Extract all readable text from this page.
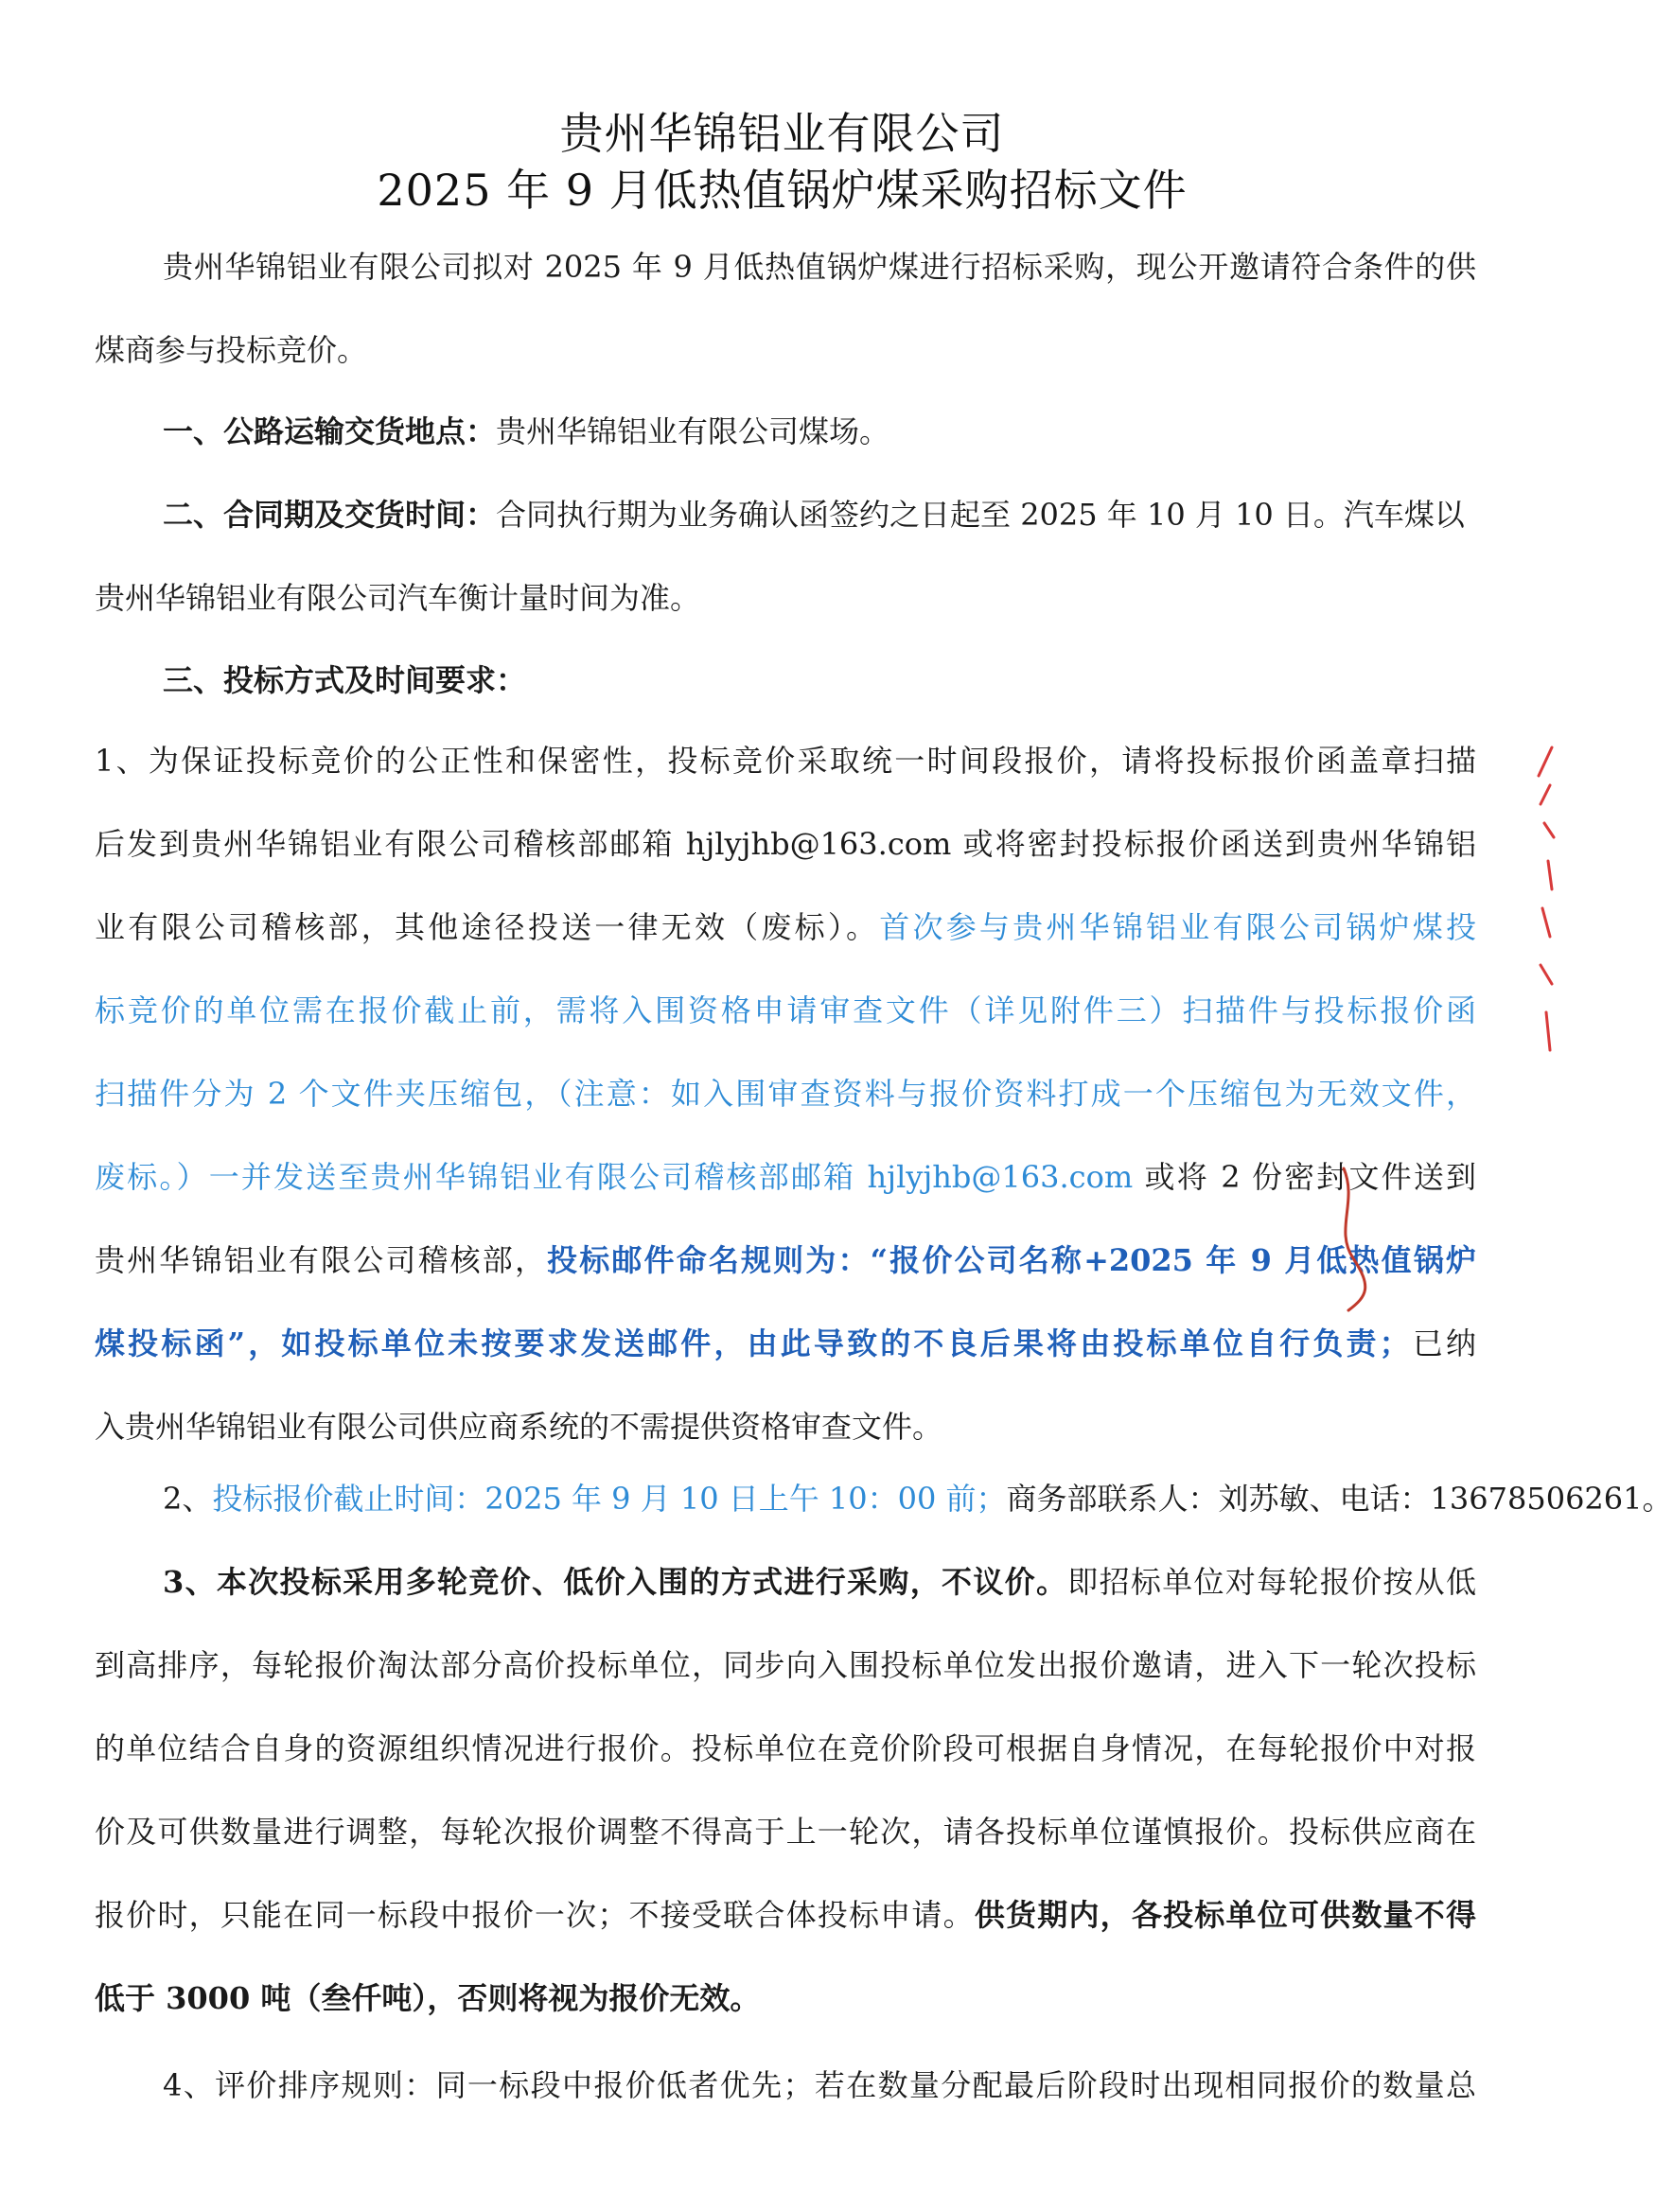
贵州华锦铝业有限公司
2025 年 9 月低热值锅炉煤采购招标文件
贵州华锦铝业有限公司拟对 2025 年 9 月低热值锅炉煤进行招标采购，现公开邀请符合条件的供
煤商参与投标竞价。
一、公路运输交货地点：贵州华锦铝业有限公司煤场。
二、合同期及交货时间：合同执行期为业务确认函签约之日起至 2025 年 10 月 10 日。汽车煤以
贵州华锦铝业有限公司汽车衡计量时间为准。
三、投标方式及时间要求：
1、为保证投标竞价的公正性和保密性，投标竞价采取统一时间段报价，请将投标报价函盖章扫描
后发到贵州华锦铝业有限公司稽核部邮箱 hjlyjhb@163.com 或将密封投标报价函送到贵州华锦铝
业有限公司稽核部，其他途径投送一律无效（废标）。首次参与贵州华锦铝业有限公司锅炉煤投
标竞价的单位需在报价截止前，需将入围资格申请审查文件（详见附件三）扫描件与投标报价函
扫描件分为 2 个文件夹压缩包，（注意：如入围审查资料与报价资料打成一个压缩包为无效文件，
废标。）一并发送至贵州华锦铝业有限公司稽核部邮箱 hjlyjhb@163.com 或将 2 份密封文件送到
贵州华锦铝业有限公司稽核部，投标邮件命名规则为：“报价公司名称+2025 年 9 月低热值锅炉
煤投标函”，如投标单位未按要求发送邮件，由此导致的不良后果将由投标单位自行负责；已纳
入贵州华锦铝业有限公司供应商系统的不需提供资格审查文件。
2、投标报价截止时间：2025 年 9 月 10 日上午 10：00 前；商务部联系人：刘苏敏、电话：13678506261。
3、本次投标采用多轮竞价、低价入围的方式进行采购，不议价。即招标单位对每轮报价按从低
到高排序，每轮报价淘汰部分高价投标单位，同步向入围投标单位发出报价邀请，进入下一轮次投标
的单位结合自身的资源组织情况进行报价。投标单位在竞价阶段可根据自身情况，在每轮报价中对报
价及可供数量进行调整，每轮次报价调整不得高于上一轮次，请各投标单位谨慎报价。投标供应商在
报价时，只能在同一标段中报价一次；不接受联合体投标申请。供货期内，各投标单位可供数量不得
低于 3000 吨（叁仟吨），否则将视为报价无效。
4、评价排序规则：同一标段中报价低者优先；若在数量分配最后阶段时出现相同报价的数量总
